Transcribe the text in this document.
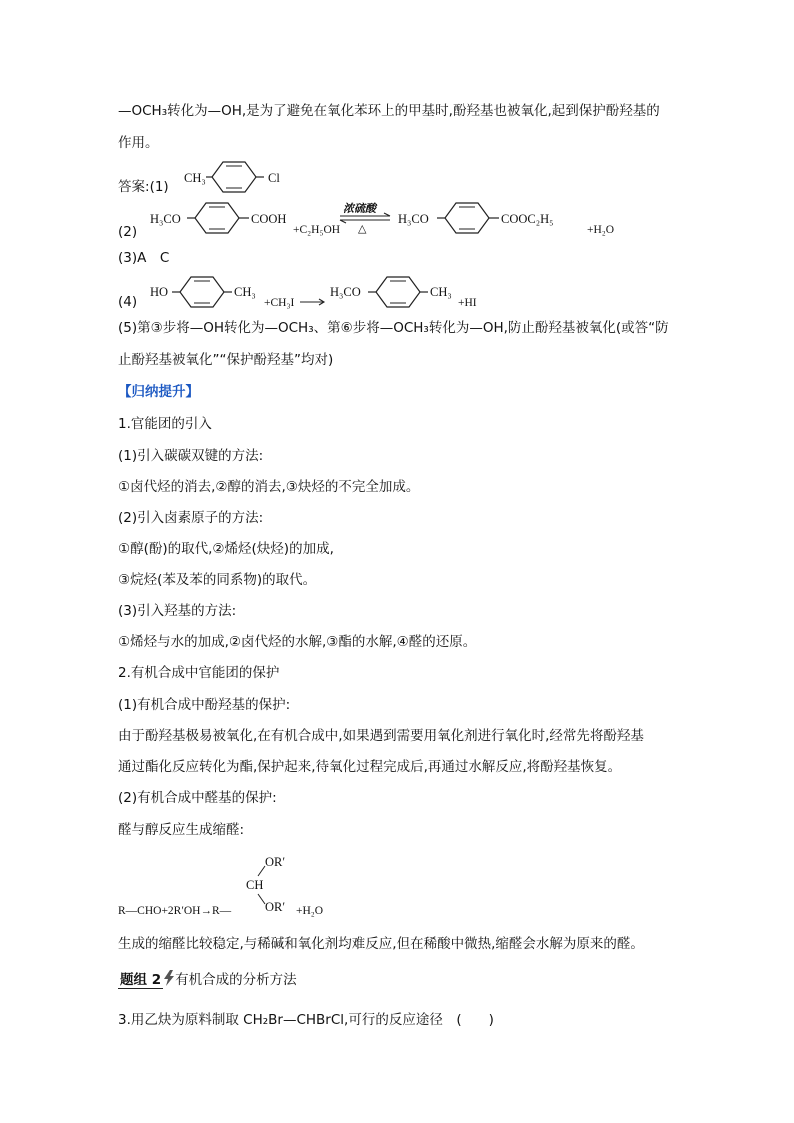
—OCH₃转化为—OH,是为了避免在氧化苯环上的甲基时,酚羟基也被氧化,起到保护酚羟基的
作用。
答案:(1)
CH₃	Cl
(2)
H₃CO	COOH
+C₂H₅OH
浓硫酸
△
H₃CO	COOC₂H₅
+H₂O
(3)A　C
(4)
HO	CH₃
+CH₃I
H₃CO	CH₃
+HI
(5)第③步将—OH转化为—OCH₃、第⑥步将—OCH₃转化为—OH,防止酚羟基被氧化(或答“防
止酚羟基被氧化”“保护酚羟基”均对)
【归纳提升】
1.官能团的引入
(1)引入碳碳双键的方法:
①卤代烃的消去,②醇的消去,③炔烃的不完全加成。
(2)引入卤素原子的方法:
①醇(酚)的取代,②烯烃(炔烃)的加成,
③烷烃(苯及苯的同系物)的取代。
(3)引入羟基的方法:
①烯烃与水的加成,②卤代烃的水解,③酯的水解,④醛的还原。
2.有机合成中官能团的保护
(1)有机合成中酚羟基的保护:
由于酚羟基极易被氧化,在有机合成中,如果遇到需要用氧化剂进行氧化时,经常先将酚羟基
通过酯化反应转化为酯,保护起来,待氧化过程完成后,再通过水解反应,将酚羟基恢复。
(2)有机合成中醛基的保护:
醛与醇反应生成缩醛:
OR′
CH
R—CHO+2R′OH→R—	OR′ +H₂O
生成的缩醛比较稳定,与稀碱和氧化剂均难反应,但在稀酸中微热,缩醛会水解为原来的醛。
题组 2 有机合成的分析方法
3.用乙炔为原料制取 CH₂Br—CHBrCl,可行的反应途径　(　　)
